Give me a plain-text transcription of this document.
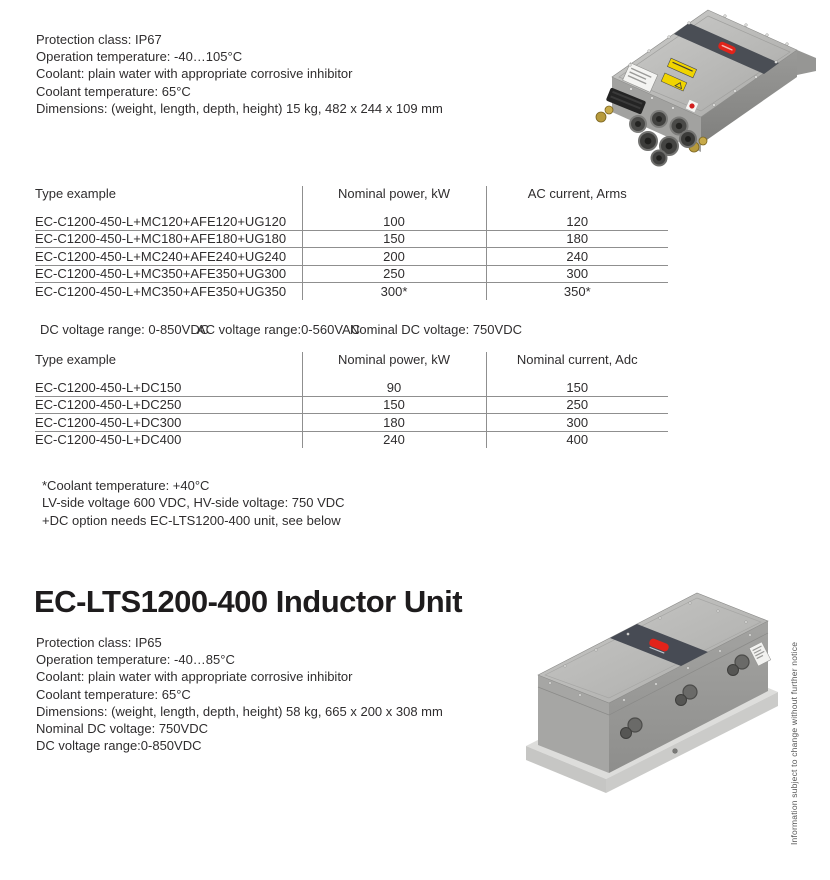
Protection class: IP67
Operation temperature: -40…105°C
Coolant: plain water with appropriate corrosive inhibitor
Coolant temperature: 65°C
Dimensions: (weight, length, depth, height) 15 kg, 482 x 244 x 109 mm
Type example	Nominal power, kW	AC current, Arms
EC-C1200-450-L+MC120+AFE120+UG120	100	120
EC-C1200-450-L+MC180+AFE180+UG180	150	180
EC-C1200-450-L+MC240+AFE240+UG240	200	240
EC-C1200-450-L+MC350+AFE350+UG300	250	300
EC-C1200-450-L+MC350+AFE350+UG350	300*	350*
DC voltage range: 0-850VDC
AC voltage range:0-560VAC
Nominal DC voltage: 750VDC
Type example	Nominal power, kW	Nominal current, Adc
EC-C1200-450-L+DC150	90	150
EC-C1200-450-L+DC250	150	250
EC-C1200-450-L+DC300	180	300
EC-C1200-450-L+DC400	240	400
*Coolant temperature: +40°C
LV-side voltage 600 VDC, HV-side voltage: 750 VDC
+DC option needs EC-LTS1200-400 unit, see below
EC-LTS1200-400 Inductor Unit
Protection class: IP65
Operation temperature: -40…85°C
Coolant: plain water with appropriate corrosive inhibitor
Coolant temperature: 65°C
Dimensions: (weight, length, depth, height) 58 kg, 665 x 200 x 308 mm
Nominal DC voltage: 750VDC
DC voltage range:0-850VDC	Information subject to change without further notice
